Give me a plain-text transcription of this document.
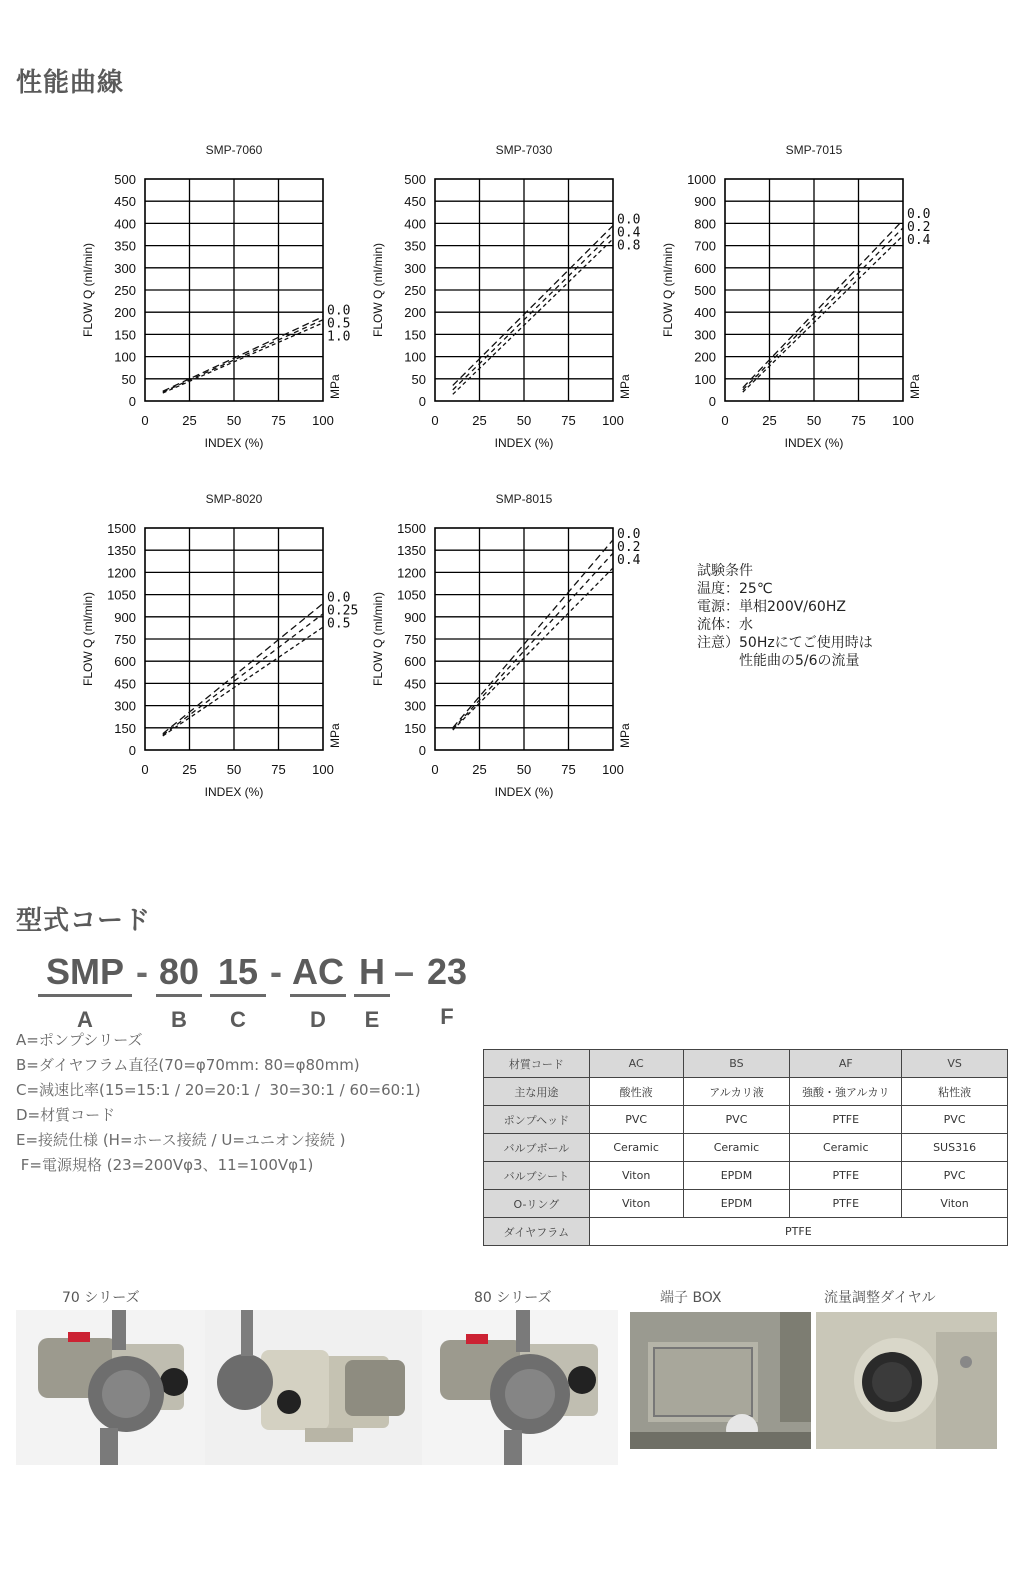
性能曲線
SMP-7060
0
50
100
150
200
250
300
350
400
450
500
0	25 50 75 100
INDEX (%)
FLOW Q (ml/min)
MPa
0.0
0.5
1.0
SMP-7030
0
50
100
150
200
250
300
350
400
450
500
0	25 50 75 100
INDEX (%)
FLOW Q (ml/min)
MPa
0.0
0.4
0.8
SMP-7015
0
100
200
300
400
500
600
700
800
900
1000
0	25 50 75 100
INDEX (%)
FLOW Q (ml/min)
MPa
0.0
0.2
0.4
SMP-8020
0
150
300
450
600
750
900
1050
1200
1350
1500
0	25 50 75 100
INDEX (%)
FLOW Q (ml/min)
MPa
0.0
0.25
0.5
SMP-8015
0
150
300
450
600
750
900
1050
1200
1350
1500
0	25 50 75 100
INDEX (%)
FLOW Q (ml/min)
MPa
0.0
0.2
0.4
試験条件
温度：25℃
電源：単相200V/60HZ
流体：水
注意）50Hzにてご使用時は
　　　性能曲の5/6の流量
型式コード
SMP
A
- 80
B
15
C
- AC
D
H
E
– 23
F
A=ポンプシリーズ
B=ダイヤフラム直径(70=φ70mm: 80=φ80mm)
C=減速比率(15=15:1 / 20=20:1 /  30=30:1 / 60=60:1)
D=材質コード
E=接続仕様 (H=ホース接続 / U=ユニオン接続 )
F=電源規格 (23=200Vφ3、11=100Vφ1)
材質コード	AC	BS	AF	VS
主な用途	酸性液	アルカリ液	強酸・強アルカリ	粘性液
ポンプヘッド	PVC	PVC	PTFE	PVC
バルブボール	Ceramic	Ceramic	Ceramic	SUS316
バルブシート	Viton	EPDM	PTFE	PVC
O-リング	Viton	EPDM	PTFE	Viton
ダイヤフラム	PTFE			
70 シリーズ	80 シリーズ	端子 BOX	流量調整ダイヤル
